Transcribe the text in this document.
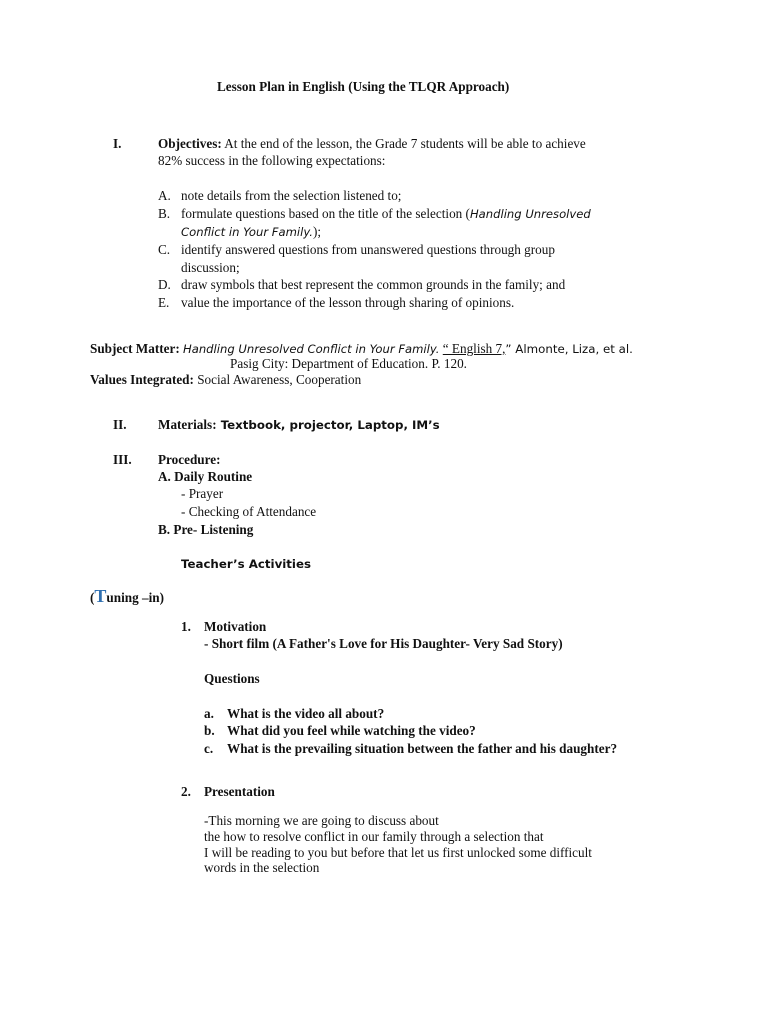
Lesson Plan in English (Using the TLQR Approach)
I.	Objectives: At the end of the lesson, the Grade 7 students will be able to achieve
82% success in the following expectations:
A. note details from the selection listened to;
B. formulate questions based on the title of the selection (Handling Unresolved
Conflict in Your Family.);
C. identify answered questions from unanswered questions through group
discussion;
D. draw symbols that best represent the common grounds in the family; and
E. value the importance of the lesson through sharing of opinions.
Subject Matter: Handling Unresolved Conflict in Your Family. “ English 7,” Almonte, Liza, et al.
Pasig City: Department of Education. P. 120.
Values Integrated: Social Awareness, Cooperation
II. Materials: Textbook, projector, Laptop, IM’s
III. Procedure:
A. Daily Routine
- Prayer
- Checking of Attendance
B. Pre- Listening
Teacher’s Activities
(Tuning –in)
1. Motivation
- Short film (A Father's Love for His Daughter- Very Sad Story)
Questions
a. What is the video all about?
b. What did you feel while watching the video?
c. What is the prevailing situation between the father and his daughter?
2. Presentation
-This morning we are going to discuss about
the how to resolve conflict in our family through a selection that
I will be reading to you but before that let us first unlocked some difficult
words in the selection
